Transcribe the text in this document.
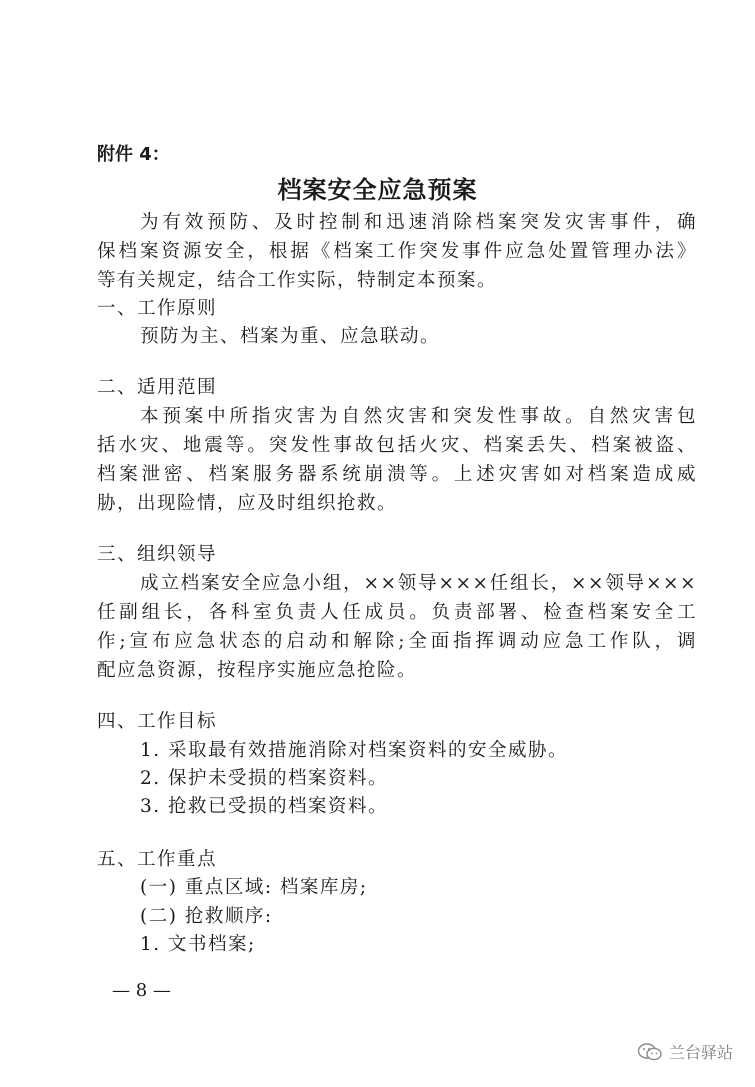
附件 4：
档案安全应急预案
为有效预防、及时控制和迅速消除档案突发灾害事件，确
保档案资源安全，根据《档案工作突发事件应急处置管理办法》
等有关规定，结合工作实际，特制定本预案。
一、工作原则
预防为主、档案为重、应急联动。
二、适用范围
本预案中所指灾害为自然灾害和突发性事故。自然灾害包
括水灾、地震等。突发性事故包括火灾、档案丢失、档案被盗、
档案泄密、档案服务器系统崩溃等。上述灾害如对档案造成威
胁，出现险情，应及时组织抢救。
三、组织领导
成立档案安全应急小组，××领导×××任组长，××领导×××
任副组长，各科室负责人任成员。负责部署、检查档案安全工
作;宣布应急状态的启动和解除;全面指挥调动应急工作队，调
配应急资源，按程序实施应急抢险。
四、工作目标
1. 采取最有效措施消除对档案资料的安全威胁。
2. 保护未受损的档案资料。
3. 抢救已受损的档案资料。
五、工作重点
(一) 重点区域: 档案库房;
(二) 抢救顺序:
1. 文书档案;
— 8 —
兰台驿站
